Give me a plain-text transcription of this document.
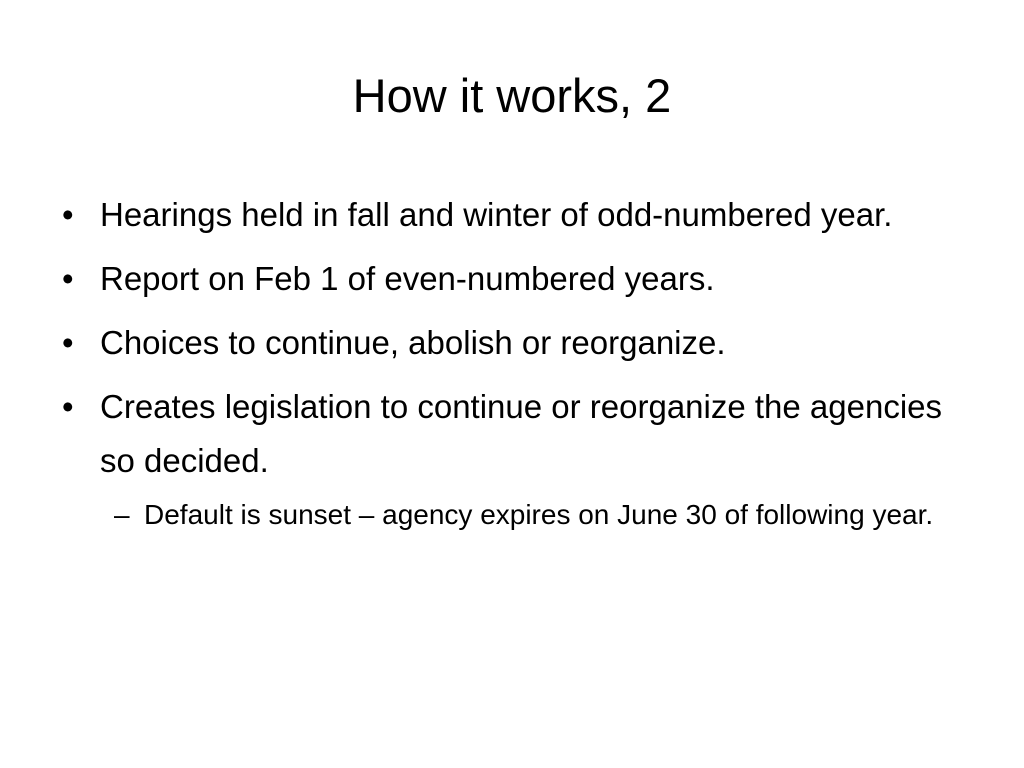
How it works, 2
• Hearings held in fall and winter of odd-numbered year.
• Report on Feb 1 of even-numbered years.
• Choices to continue, abolish or reorganize.
• Creates legislation to continue or reorganize the agencies so decided.
– Default is sunset – agency expires on June 30 of following year.
